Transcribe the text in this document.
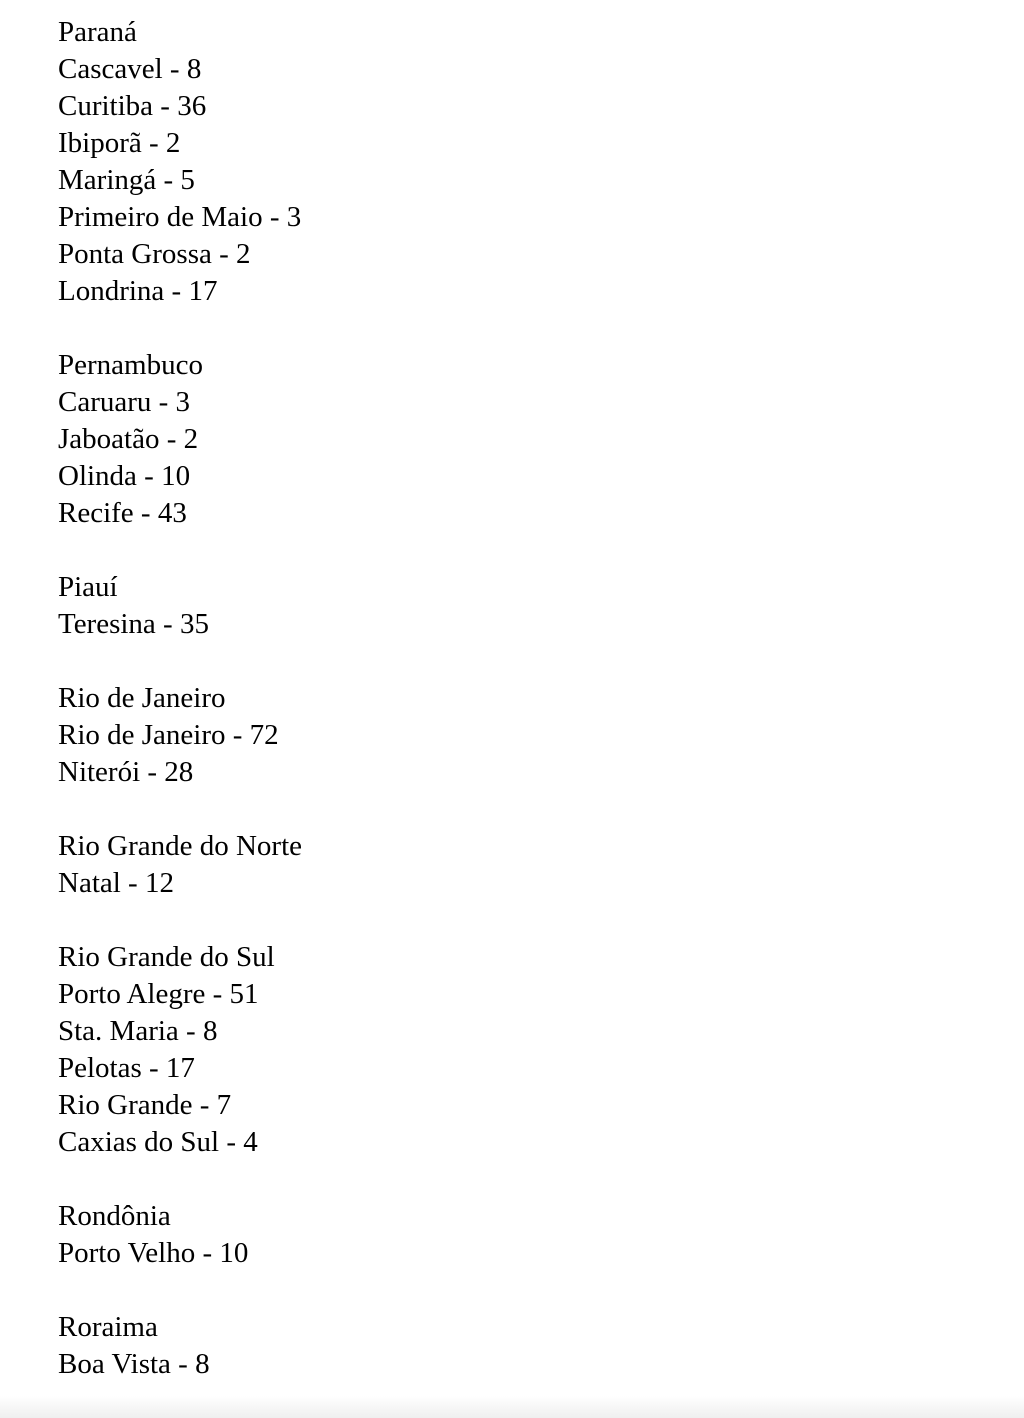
Paraná
Cascavel - 8
Curitiba - 36
Ibiporã - 2
Maringá - 5
Primeiro de Maio - 3
Ponta Grossa - 2
Londrina - 17
Pernambuco
Caruaru - 3
Jaboatão - 2
Olinda - 10
Recife - 43
Piauí
Teresina - 35
Rio de Janeiro
Rio de Janeiro - 72
Niterói - 28
Rio Grande do Norte
Natal - 12
Rio Grande do Sul
Porto Alegre - 51
Sta. Maria - 8
Pelotas - 17
Rio Grande - 7
Caxias do Sul - 4
Rondônia
Porto Velho - 10
Roraima
Boa Vista - 8
